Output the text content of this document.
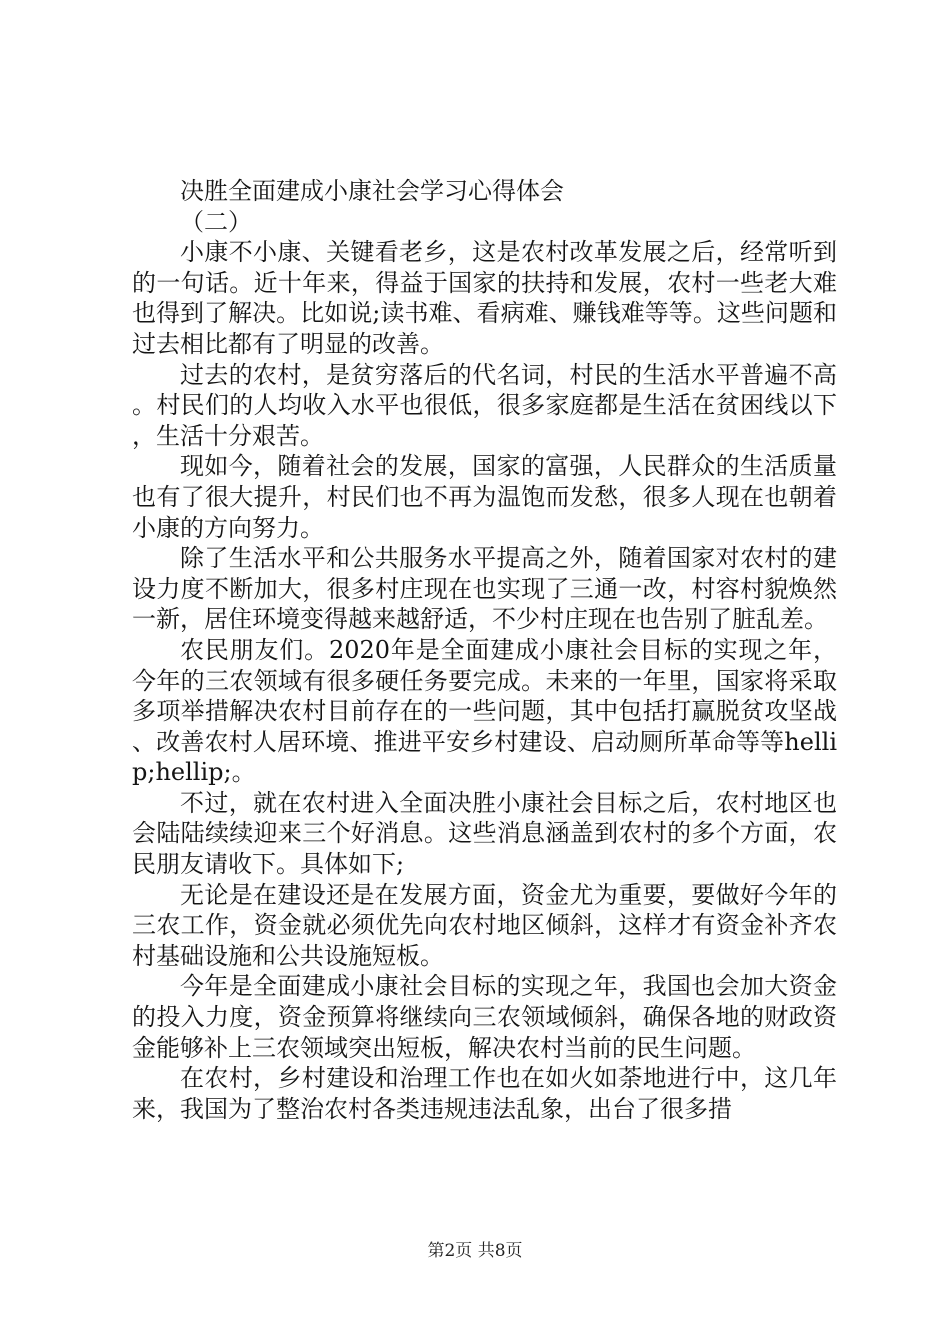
决胜全面建成小康社会学习心得体会
（二）

小康不小康、关键看老乡，这是农村改革发展之后，经常听到的一句话。近十年来，得益于国家的扶持和发展，农村一些老大难也得到了解决。比如说;读书难、看病难、赚钱难等等。这些问题和过去相比都有了明显的改善。

过去的农村，是贫穷落后的代名词，村民的生活水平普遍不高。村民们的人均收入水平也很低，很多家庭都是生活在贫困线以下，生活十分艰苦。

现如今，随着社会的发展，国家的富强，人民群众的生活质量也有了很大提升，村民们也不再为温饱而发愁，很多人现在也朝着小康的方向努力。

除了生活水平和公共服务水平提高之外，随着国家对农村的建设力度不断加大，很多村庄现在也实现了三通一改，村容村貌焕然一新，居住环境变得越来越舒适，不少村庄现在也告别了脏乱差。

农民朋友们。2020年是全面建成小康社会目标的实现之年，今年的三农领域有很多硬任务要完成。未来的一年里，国家将采取多项举措解决农村目前存在的一些问题，其中包括打赢脱贫攻坚战、改善农村人居环境、推进平安乡村建设、启动厕所革命等等hellip;hellip;。

不过，就在农村进入全面决胜小康社会目标之后，农村地区也会陆陆续续迎来三个好消息。这些消息涵盖到农村的多个方面，农民朋友请收下。具体如下;

无论是在建设还是在发展方面，资金尤为重要，要做好今年的三农工作，资金就必须优先向农村地区倾斜，这样才有资金补齐农村基础设施和公共设施短板。

今年是全面建成小康社会目标的实现之年，我国也会加大资金的投入力度，资金预算将继续向三农领域倾斜，确保各地的财政资金能够补上三农领域突出短板，解决农村当前的民生问题。

在农村，乡村建设和治理工作也在如火如荼地进行中，这几年来，我国为了整治农村各类违规违法乱象，出台了很多措

第2页 共8页
